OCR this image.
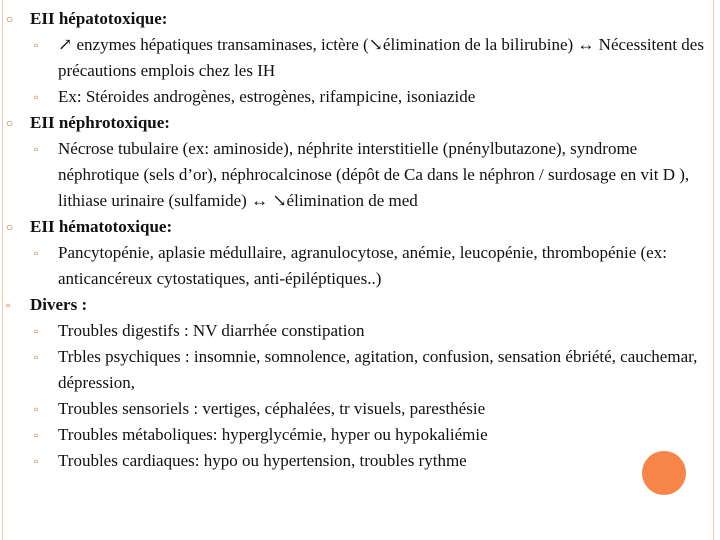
○ EII hépatotoxique:

▫ ↗ enzymes hépatiques transaminases, ictère (↘élimination de la bilirubine) ↔ Nécessitent des précautions emplois chez les IH

▫ Ex: Stéroides androgènes, estrogènes, rifampicine, isoniazide

○ EII néphrotoxique:

▫ Nécrose tubulaire (ex: aminoside), néphrite interstitielle (pnénylbutazone), syndrome néphrotique (sels d’or), néphrocalcinose (dépôt de Ca dans le néphron / surdosage en vit D ), lithiase urinaire (sulfamide) ↔ ↘élimination de med

○ EII hématotoxique:

▫ Pancytopénie, aplasie médullaire, agranulocytose, anémie, leucopénie, thrombopénie (ex: anticancéreux cytostatiques, anti-épiléptiques..)

▫ Divers :

▫ Troubles digestifs : NV diarrhée constipation

▫ Trbles psychiques : insomnie, somnolence, agitation, confusion, sensation ébriété, cauchemar, dépression,

▫ Troubles sensoriels : vertiges, céphalées, tr visuels, paresthésie

▫ Troubles métaboliques: hyperglycémie, hyper ou hypokaliémie

▫ Troubles cardiaques: hypo ou hypertension, troubles rythme
